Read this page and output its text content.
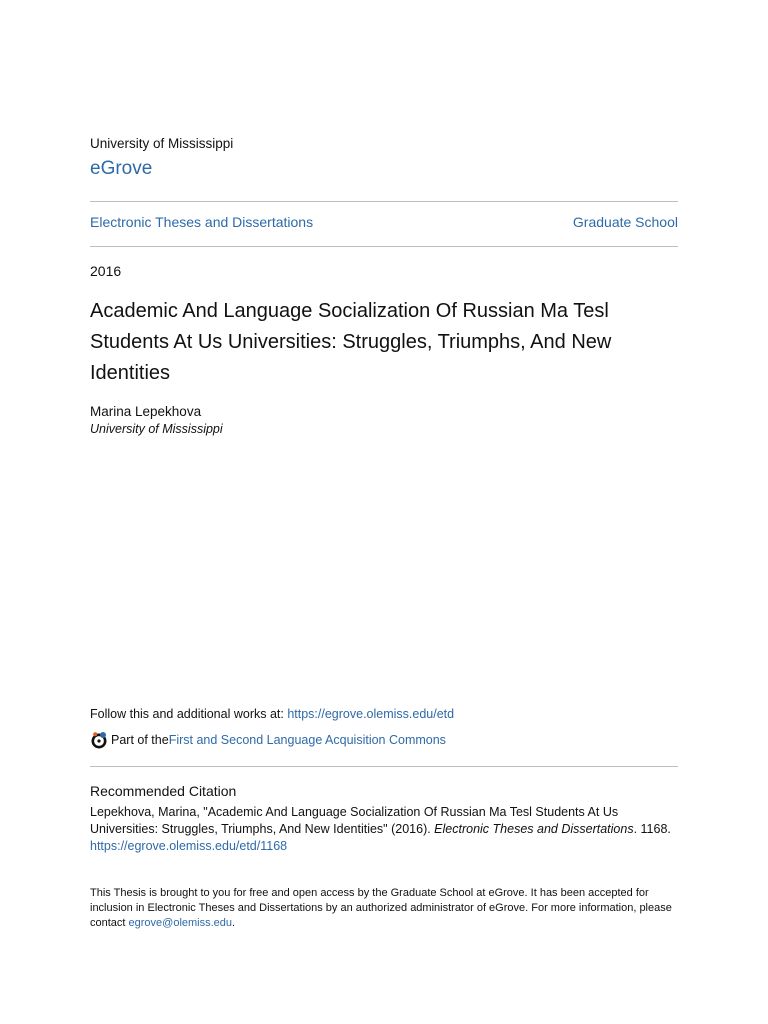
University of Mississippi
eGrove
Electronic Theses and Dissertations	Graduate School
2016
Academic And Language Socialization Of Russian Ma Tesl Students At Us Universities: Struggles, Triumphs, And New Identities
Marina Lepekhova
University of Mississippi
Follow this and additional works at: https://egrove.olemiss.edu/etd
Part of the First and Second Language Acquisition Commons
Recommended Citation
Lepekhova, Marina, "Academic And Language Socialization Of Russian Ma Tesl Students At Us Universities: Struggles, Triumphs, And New Identities" (2016). Electronic Theses and Dissertations. 1168.
https://egrove.olemiss.edu/etd/1168
This Thesis is brought to you for free and open access by the Graduate School at eGrove. It has been accepted for inclusion in Electronic Theses and Dissertations by an authorized administrator of eGrove. For more information, please contact egrove@olemiss.edu.
